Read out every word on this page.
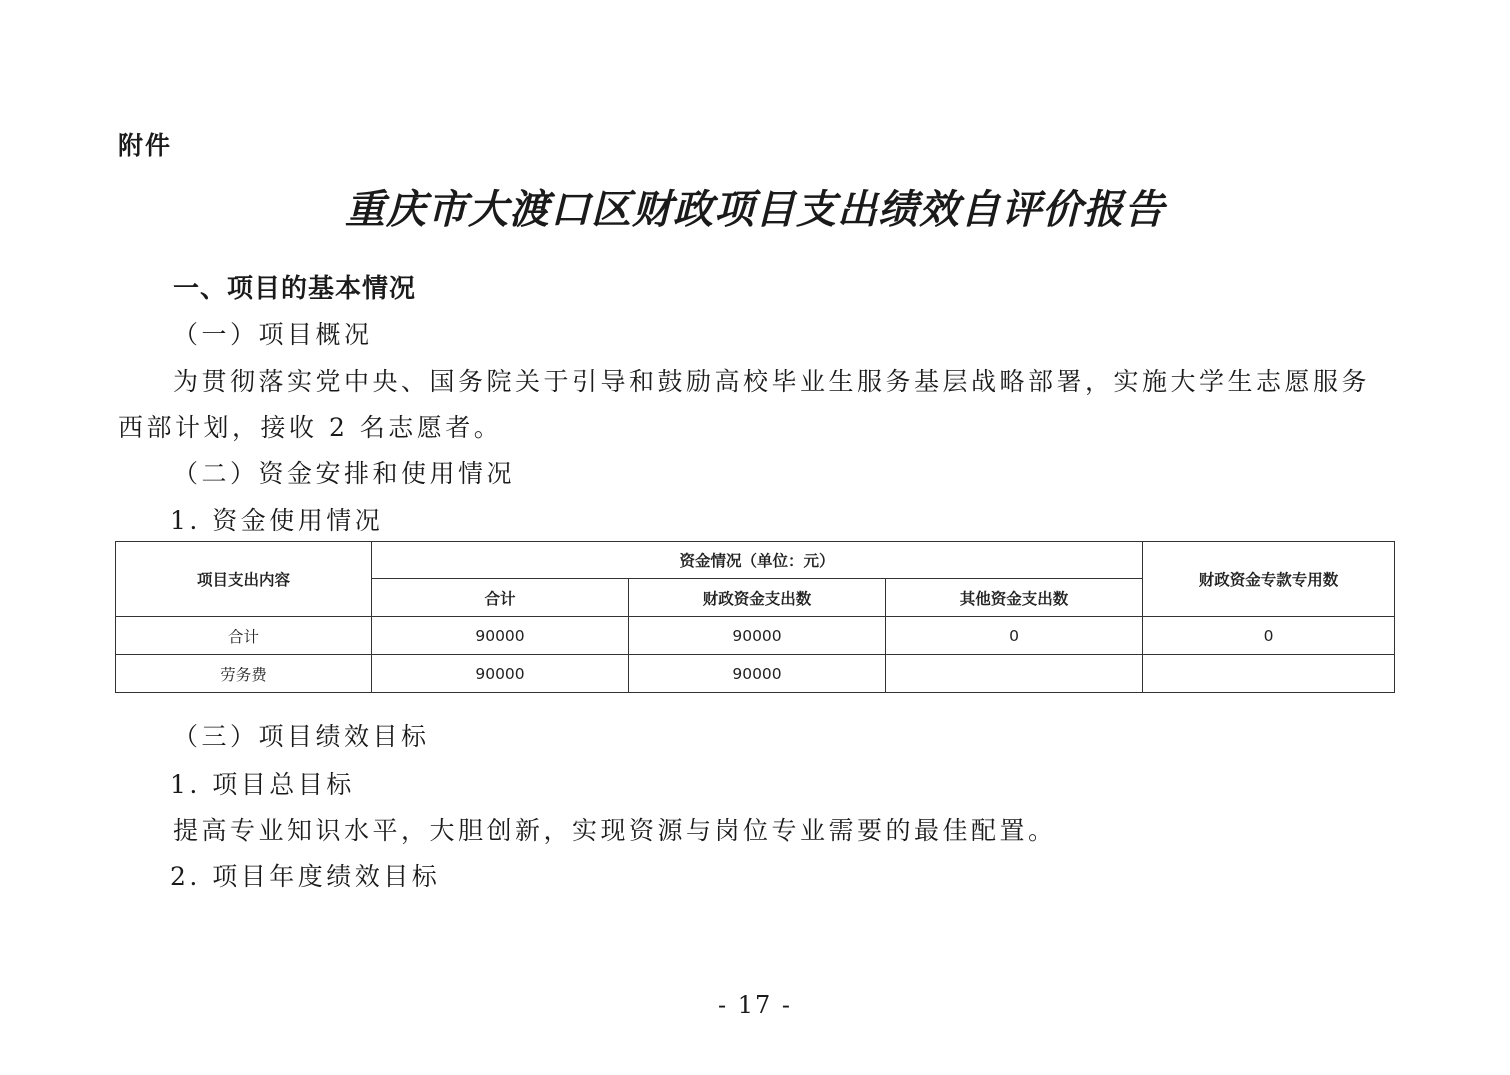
附件
重庆市大渡口区财政项目支出绩效自评价报告
一、项目的基本情况
（一）项目概况
为贯彻落实党中央、国务院关于引导和鼓励高校毕业生服务基层战略部署，实施大学生志愿服务
西部计划，接收 2 名志愿者。
（二）资金安排和使用情况
1. 资金使用情况
项目支出内容	资金情况（单位：元）			财政资金专款专用数
	合计	财政资金支出数	其他资金支出数	
合计	90000	90000	0	0
劳务费	90000	90000		
（三）项目绩效目标
1. 项目总目标
提高专业知识水平，大胆创新，实现资源与岗位专业需要的最佳配置。
2. 项目年度绩效目标
- 17 -
